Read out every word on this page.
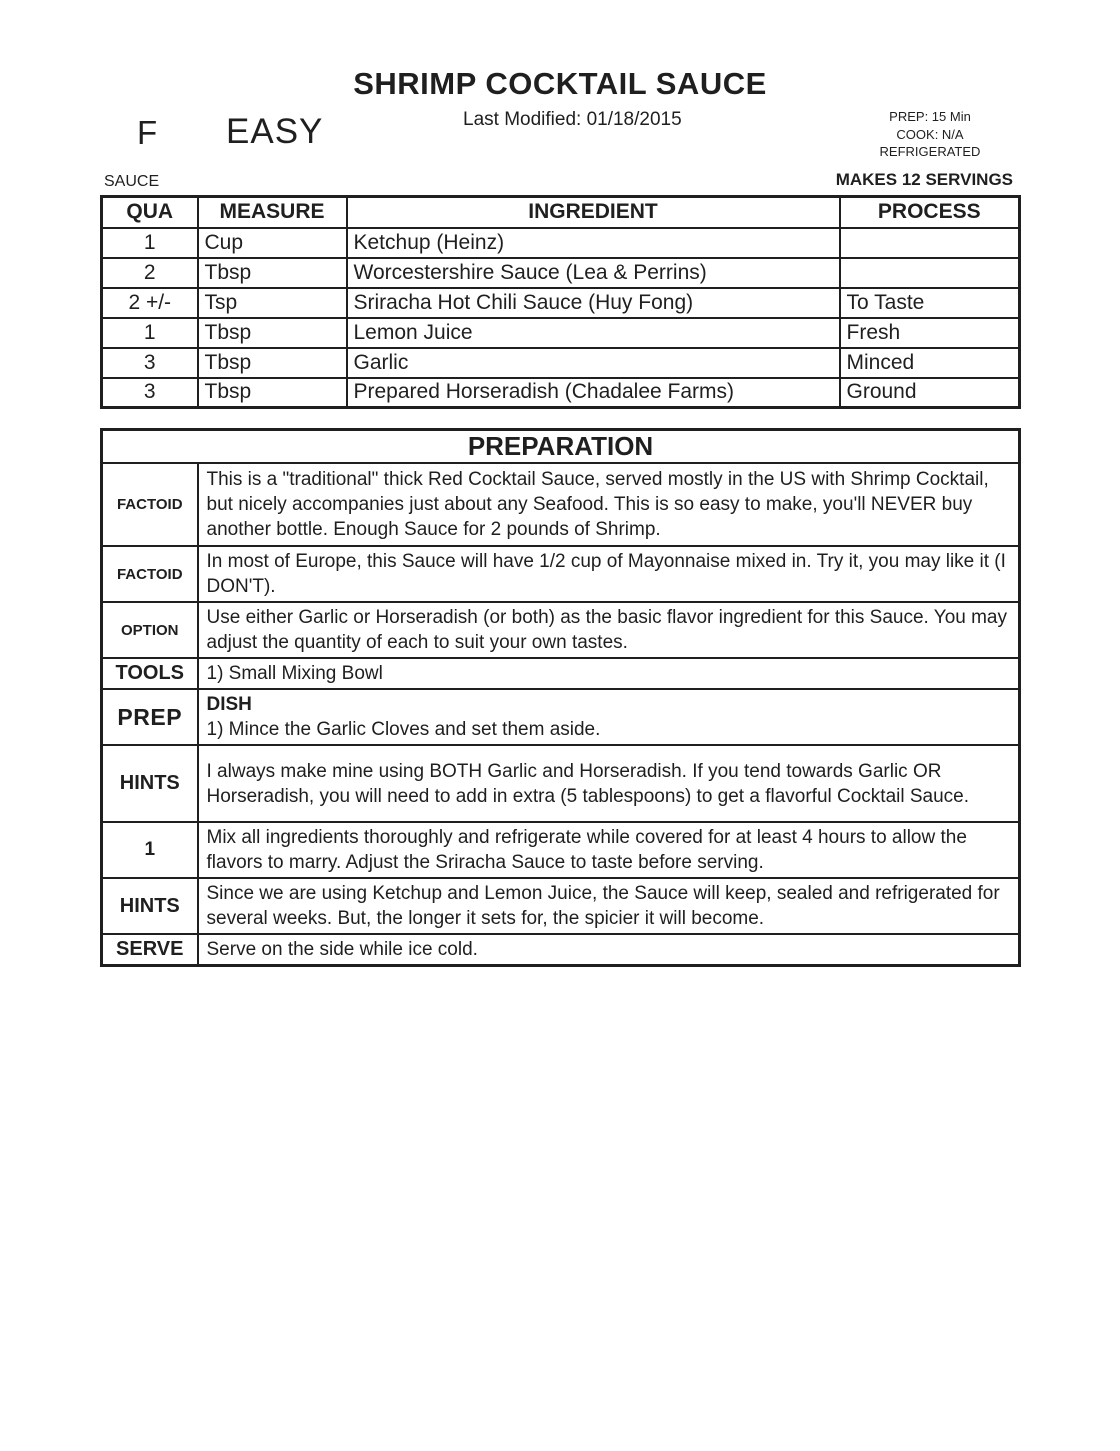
SHRIMP COCKTAIL SAUCE
F EASY	Last Modified: 01/18/2015	PREP: 15 Min
COOK: N/A
REFRIGERATED
SAUCE	MAKES 12 SERVINGS
QUA	MEASURE	INGREDIENT	PROCESS
1	Cup	Ketchup (Heinz)	
2	Tbsp	Worcestershire Sauce (Lea & Perrins)	
2 +/-	Tsp	Sriracha Hot Chili Sauce (Huy Fong)	To Taste
1	Tbsp	Lemon Juice	Fresh
3	Tbsp	Garlic	Minced
3	Tbsp	Prepared Horseradish (Chadalee Farms)	Ground
PREPARATION	
FACTOID	This is a "traditional" thick Red Cocktail Sauce, served mostly in the US with Shrimp Cocktail, but nicely accompanies just about any Seafood. This is so easy to make, you'll NEVER buy another bottle. Enough Sauce for 2 pounds of Shrimp.
FACTOID	In most of Europe, this Sauce will have 1/2 cup of Mayonnaise mixed in. Try it, you may like it (I DON'T).
OPTION	Use either Garlic or Horseradish (or both) as the basic flavor ingredient for this Sauce. You may adjust the quantity of each to suit your own tastes.
TOOLS	1) Small Mixing Bowl
PREP	DISH
1) Mince the Garlic Cloves and set them aside.

HINTS	I always make mine using BOTH Garlic and Horseradish. If you tend towards Garlic OR Horseradish, you will need to add in extra (5 tablespoons) to get a flavorful Cocktail Sauce.
1	Mix all ingredients thoroughly and refrigerate while covered for at least 4 hours to allow the flavors to marry. Adjust the Sriracha Sauce to taste before serving.
HINTS	Since we are using Ketchup and Lemon Juice, the Sauce will keep, sealed and refrigerated for several weeks. But, the longer it sets for, the spicier it will become.
SERVE	Serve on the side while ice cold.
